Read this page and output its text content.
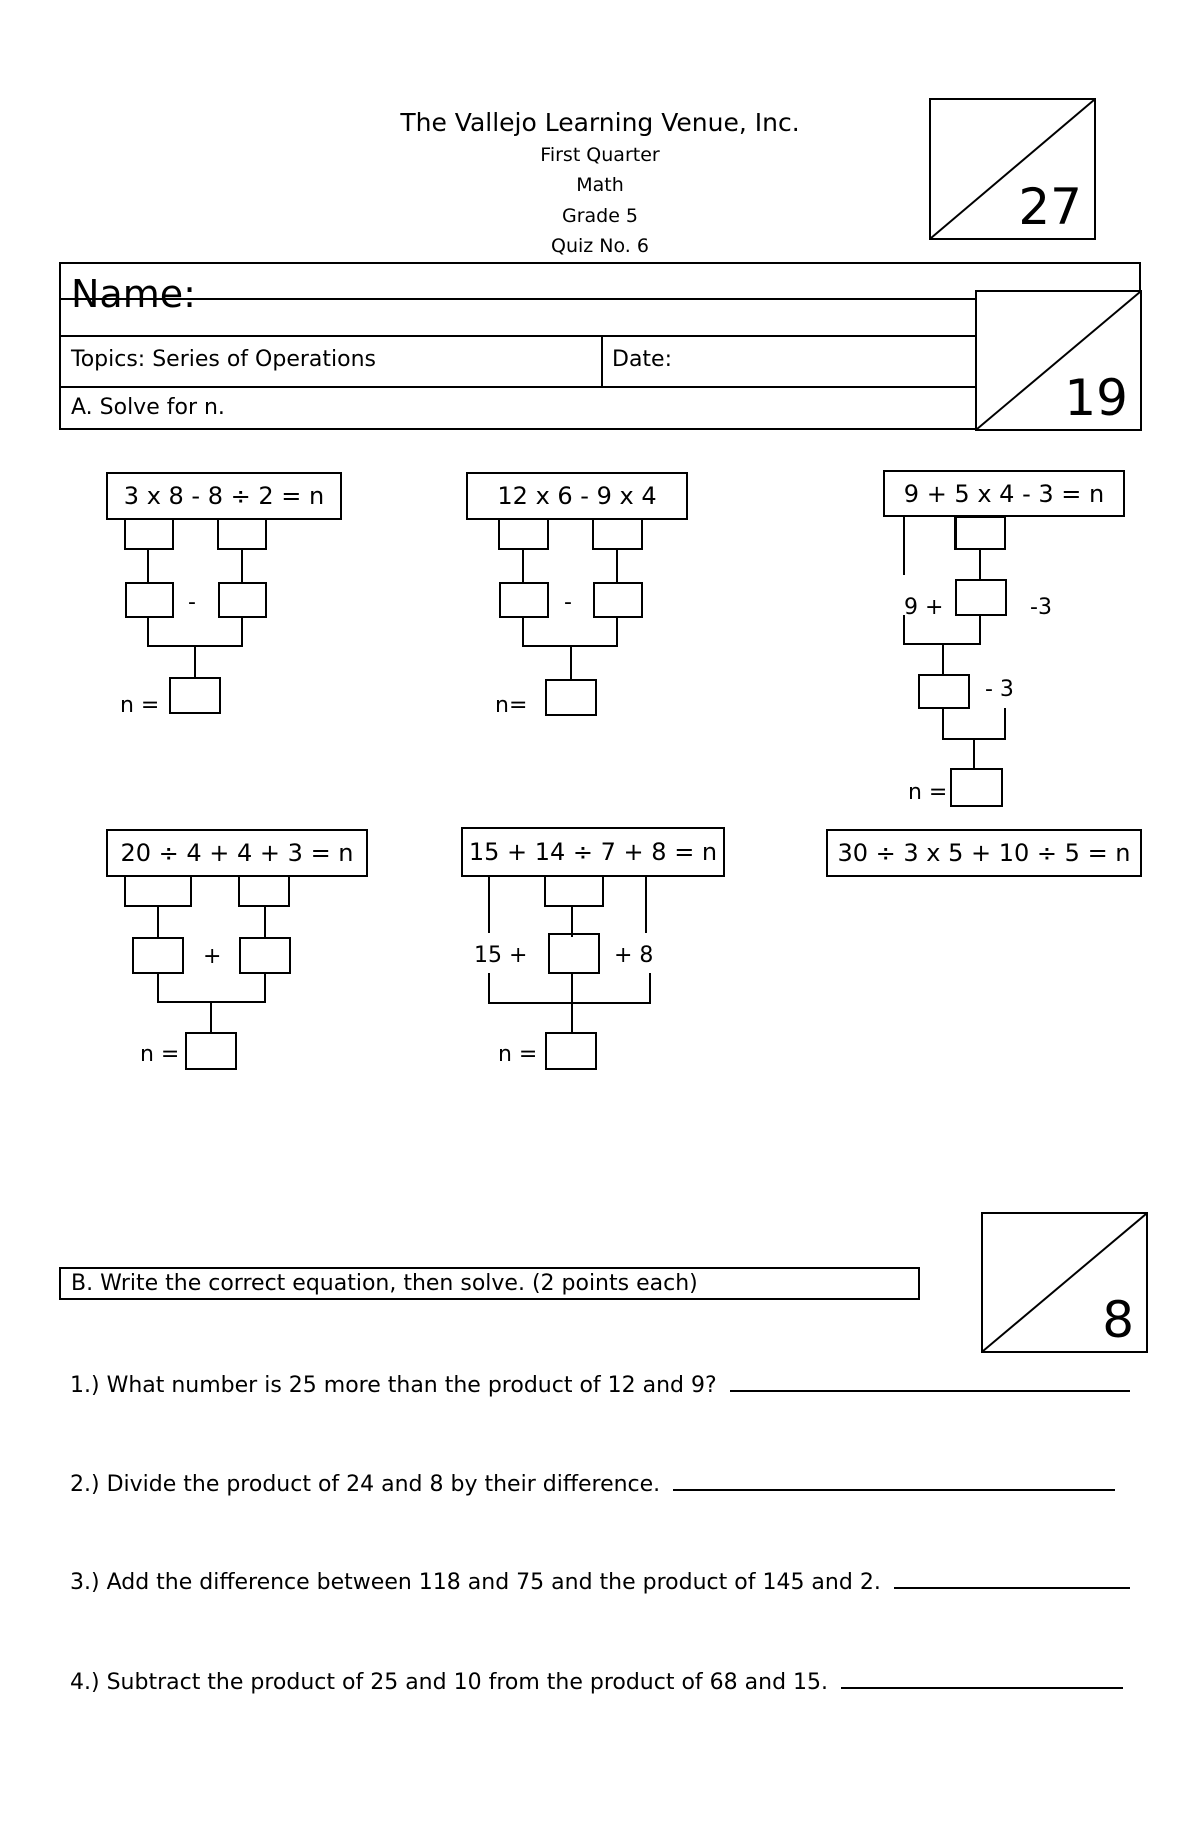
The Vallejo Learning Venue, Inc.
First Quarter
Math
Grade 5
Quiz No. 6
27
Name:
Topics: Series of Operations	Date:
A. Solve for n.	19
3 x 8 - 8 ÷ 2 = n
-
n =
12 x 6 - 9 x 4
-
n=
9 + 5 x 4 - 3 = n
9 +	-3
- 3
n =
20 ÷ 4 + 4 + 3 = n
+
n =
15 + 14 ÷ 7 + 8 = n
15 +	+ 8
n =
30 ÷ 3 x 5 + 10 ÷ 5 = n
B. Write the correct equation, then solve. (2 points each)
8
1.) What number is 25 more than the product of 12 and 9?
2.) Divide the product of 24 and 8 by their difference.
3.) Add the difference between 118 and 75 and the product of 145 and 2.
4.) Subtract the product of 25 and 10 from the product of 68 and 15.
